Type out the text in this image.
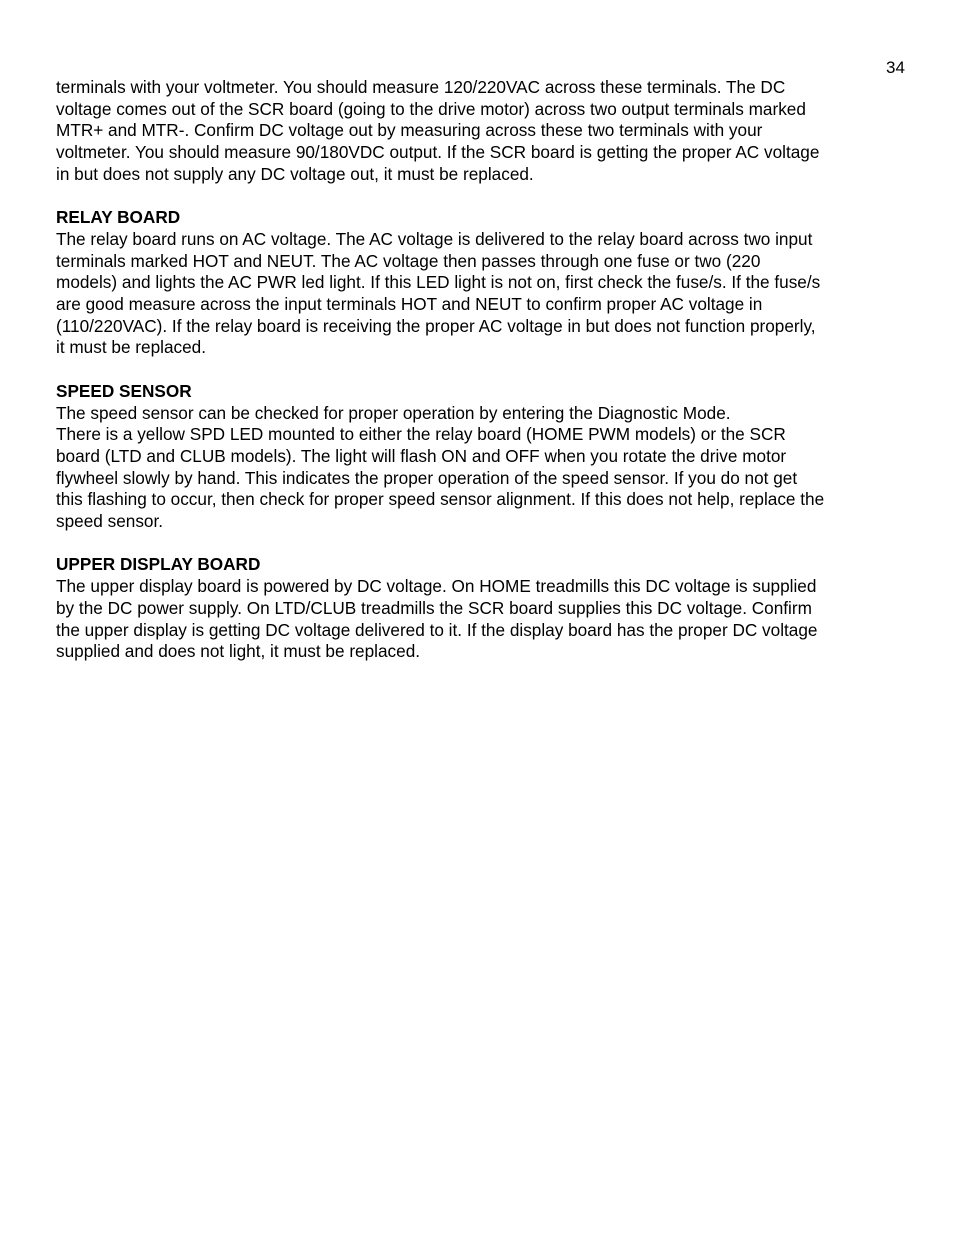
34

terminals with your voltmeter. You should measure 120/220VAC across these terminals. The DC
voltage comes out of the SCR board (going to the drive motor) across two output terminals marked
MTR+ and MTR-. Confirm DC voltage out by measuring across these two terminals with your
voltmeter. You should measure 90/180VDC output. If the SCR board is getting the proper AC voltage
in but does not supply any DC voltage out, it must be replaced.

RELAY BOARD

The relay board runs on AC voltage. The AC voltage is delivered to the relay board across two input
terminals marked HOT and NEUT. The AC voltage then passes through one fuse or two (220
models) and lights the AC PWR led light. If this LED light is not on, first check the fuse/s. If the fuse/s
are good measure across the input terminals HOT and NEUT to confirm proper AC voltage in
(110/220VAC). If the relay board is receiving the proper AC voltage in but does not function properly,
it must be replaced.

SPEED SENSOR

The speed sensor can be checked for proper operation by entering the Diagnostic Mode.
There is a yellow SPD LED mounted to either the relay board (HOME PWM models) or the SCR
board (LTD and CLUB models). The light will flash ON and OFF when you rotate the drive motor
flywheel slowly by hand. This indicates the proper operation of the speed sensor. If you do not get
this flashing to occur, then check for proper speed sensor alignment. If this does not help, replace the
speed sensor.

UPPER DISPLAY BOARD

The upper display board is powered by DC voltage. On HOME treadmills this DC voltage is supplied
by the DC power supply. On LTD/CLUB treadmills the SCR board supplies this DC voltage. Confirm
the upper display is getting DC voltage delivered to it. If the display board has the proper DC voltage
supplied and does not light, it must be replaced.
